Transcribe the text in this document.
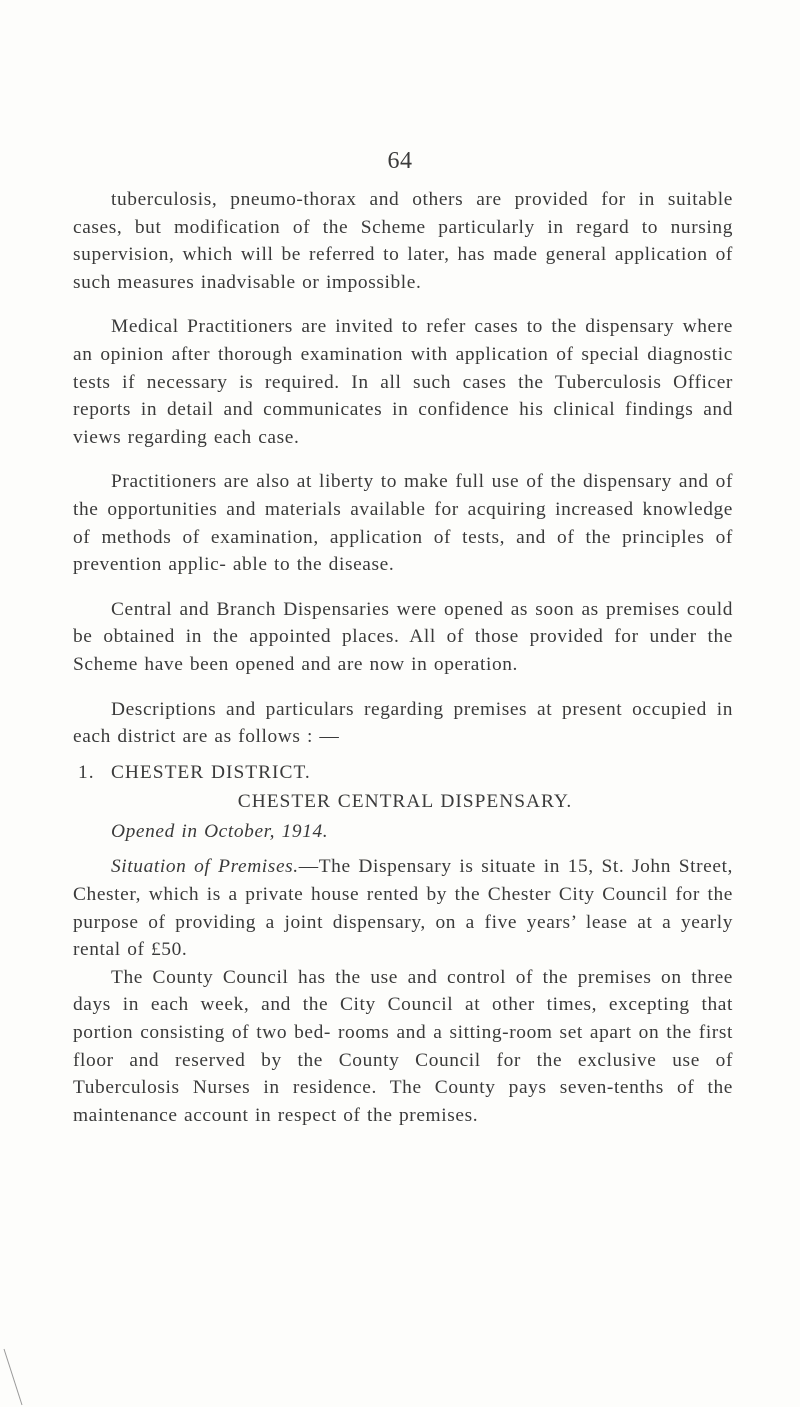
64

tuberculosis, pneumo-thorax and others are provided for in suitable cases, but modification of the Scheme particularly in regard to nursing supervision, which will be referred to later, has made general application of such measures inadvisable or impossible.

Medical Practitioners are invited to refer cases to the dispensary where an opinion after thorough examination with application of special diagnostic tests if necessary is required. In all such cases the Tuberculosis Officer reports in detail and communicates in confidence his clinical findings and views regarding each case.

Practitioners are also at liberty to make full use of the dispensary and of the opportunities and materials available for acquiring increased knowledge of methods of examination, application of tests, and of the principles of prevention applic- able to the disease.

Central and Branch Dispensaries were opened as soon as premises could be obtained in the appointed places. All of those provided for under the Scheme have been opened and are now in operation.

Descriptions and particulars regarding premises at present occupied in each district are as follows : —

1. CHESTER DISTRICT.
CHESTER CENTRAL DISPENSARY.
Opened in October, 1914.

Situation of Premises.—The Dispensary is situate in 15, St. John Street, Chester, which is a private house rented by the Chester City Council for the purpose of providing a joint dispensary, on a five years’ lease at a yearly rental of £50.

The County Council has the use and control of the premises on three days in each week, and the City Council at other times, excepting that portion consisting of two bed- rooms and a sitting-room set apart on the first floor and reserved by the County Council for the exclusive use of Tuberculosis Nurses in residence. The County pays seven-tenths of the maintenance account in respect of the premises.
